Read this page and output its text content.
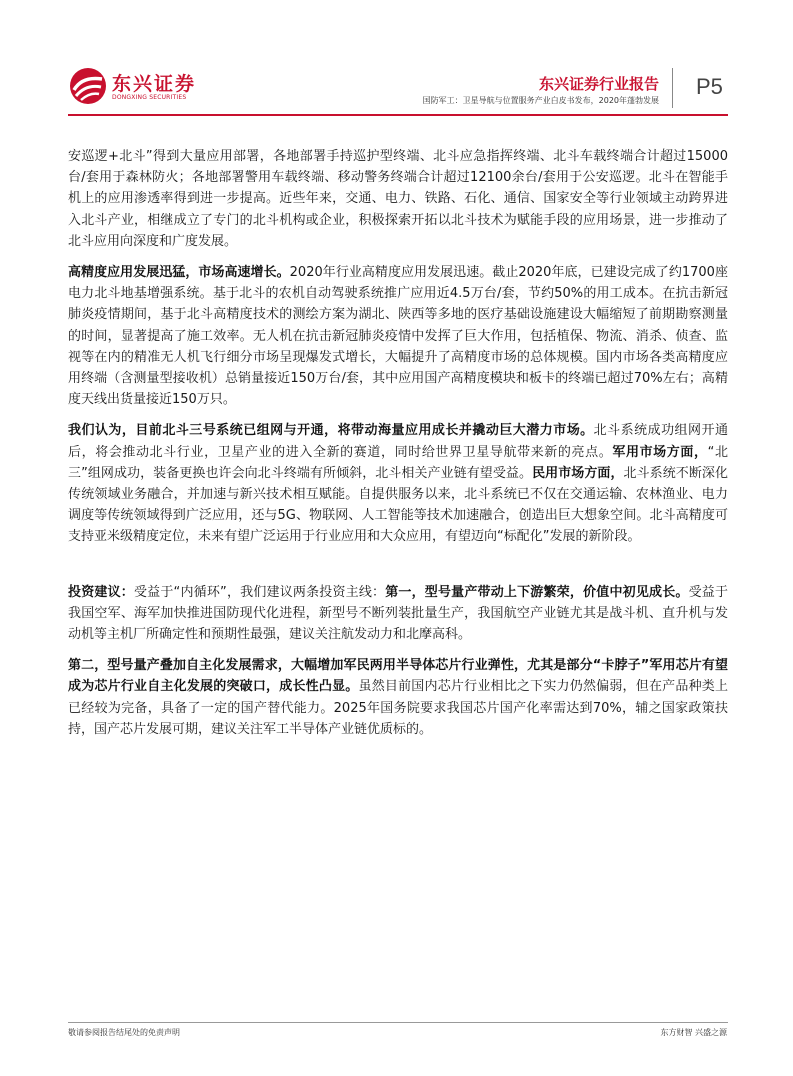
东兴证券
DONGXING SECURITIES
东兴证券行业报告
国防军工：卫星导航与位置服务产业白皮书发布，2020年蓬勃发展
P5

安巡逻+北斗”得到大量应用部署，各地部署手持巡护型终端、北斗应急指挥终端、北斗车载终端合计超过15000台/套用于森林防火；各地部署警用车载终端、移动警务终端合计超过12100余台/套用于公安巡逻。北斗在智能手机上的应用渗透率得到进一步提高。近些年来，交通、电力、铁路、石化、通信、国家安全等行业领域主动跨界进入北斗产业，相继成立了专门的北斗机构或企业，积极探索开拓以北斗技术为赋能手段的应用场景，进一步推动了北斗应用向深度和广度发展。

高精度应用发展迅猛，市场高速增长。2020年行业高精度应用发展迅速。截止2020年底，已建设完成了约1700座电力北斗地基增强系统。基于北斗的农机自动驾驶系统推广应用近4.5万台/套，节约50%的用工成本。在抗击新冠肺炎疫情期间，基于北斗高精度技术的测绘方案为湖北、陕西等多地的医疗基础设施建设大幅缩短了前期勘察测量的时间，显著提高了施工效率。无人机在抗击新冠肺炎疫情中发挥了巨大作用，包括植保、物流、消杀、侦查、监视等在内的精准无人机飞行细分市场呈现爆发式增长，大幅提升了高精度市场的总体规模。国内市场各类高精度应用终端（含测量型接收机）总销量接近150万台/套，其中应用国产高精度模块和板卡的终端已超过70%左右；高精度天线出货量接近150万只。

我们认为，目前北斗三号系统已组网与开通，将带动海量应用成长并撬动巨大潜力市场。北斗系统成功组网开通后，将会推动北斗行业，卫星产业的进入全新的赛道，同时给世界卫星导航带来新的亮点。军用市场方面，“北三”组网成功，装备更换也许会向北斗终端有所倾斜，北斗相关产业链有望受益。民用市场方面，北斗系统不断深化传统领域业务融合，并加速与新兴技术相互赋能。自提供服务以来，北斗系统已不仅在交通运输、农林渔业、电力调度等传统领域得到广泛应用，还与5G、物联网、人工智能等技术加速融合，创造出巨大想象空间。北斗高精度可支持亚米级精度定位，未来有望广泛运用于行业应用和大众应用，有望迈向“标配化”发展的新阶段。

投资建议：受益于“内循环”，我们建议两条投资主线：第一，型号量产带动上下游繁荣，价值中初见成长。受益于我国空军、海军加快推进国防现代化进程，新型号不断列装批量生产，我国航空产业链尤其是战斗机、直升机与发动机等主机厂所确定性和预期性最强，建议关注航发动力和北摩高科。

第二，型号量产叠加自主化发展需求，大幅增加军民两用半导体芯片行业弹性，尤其是部分“卡脖子”军用芯片有望成为芯片行业自主化发展的突破口，成长性凸显。虽然目前国内芯片行业相比之下实力仍然偏弱，但在产品种类上已经较为完备，具备了一定的国产替代能力。2025年国务院要求我国芯片国产化率需达到70%，辅之国家政策扶持，国产芯片发展可期，建议关注军工半导体产业链优质标的。

敬请参阅报告结尾处的免责声明	东方财智 兴盛之源
